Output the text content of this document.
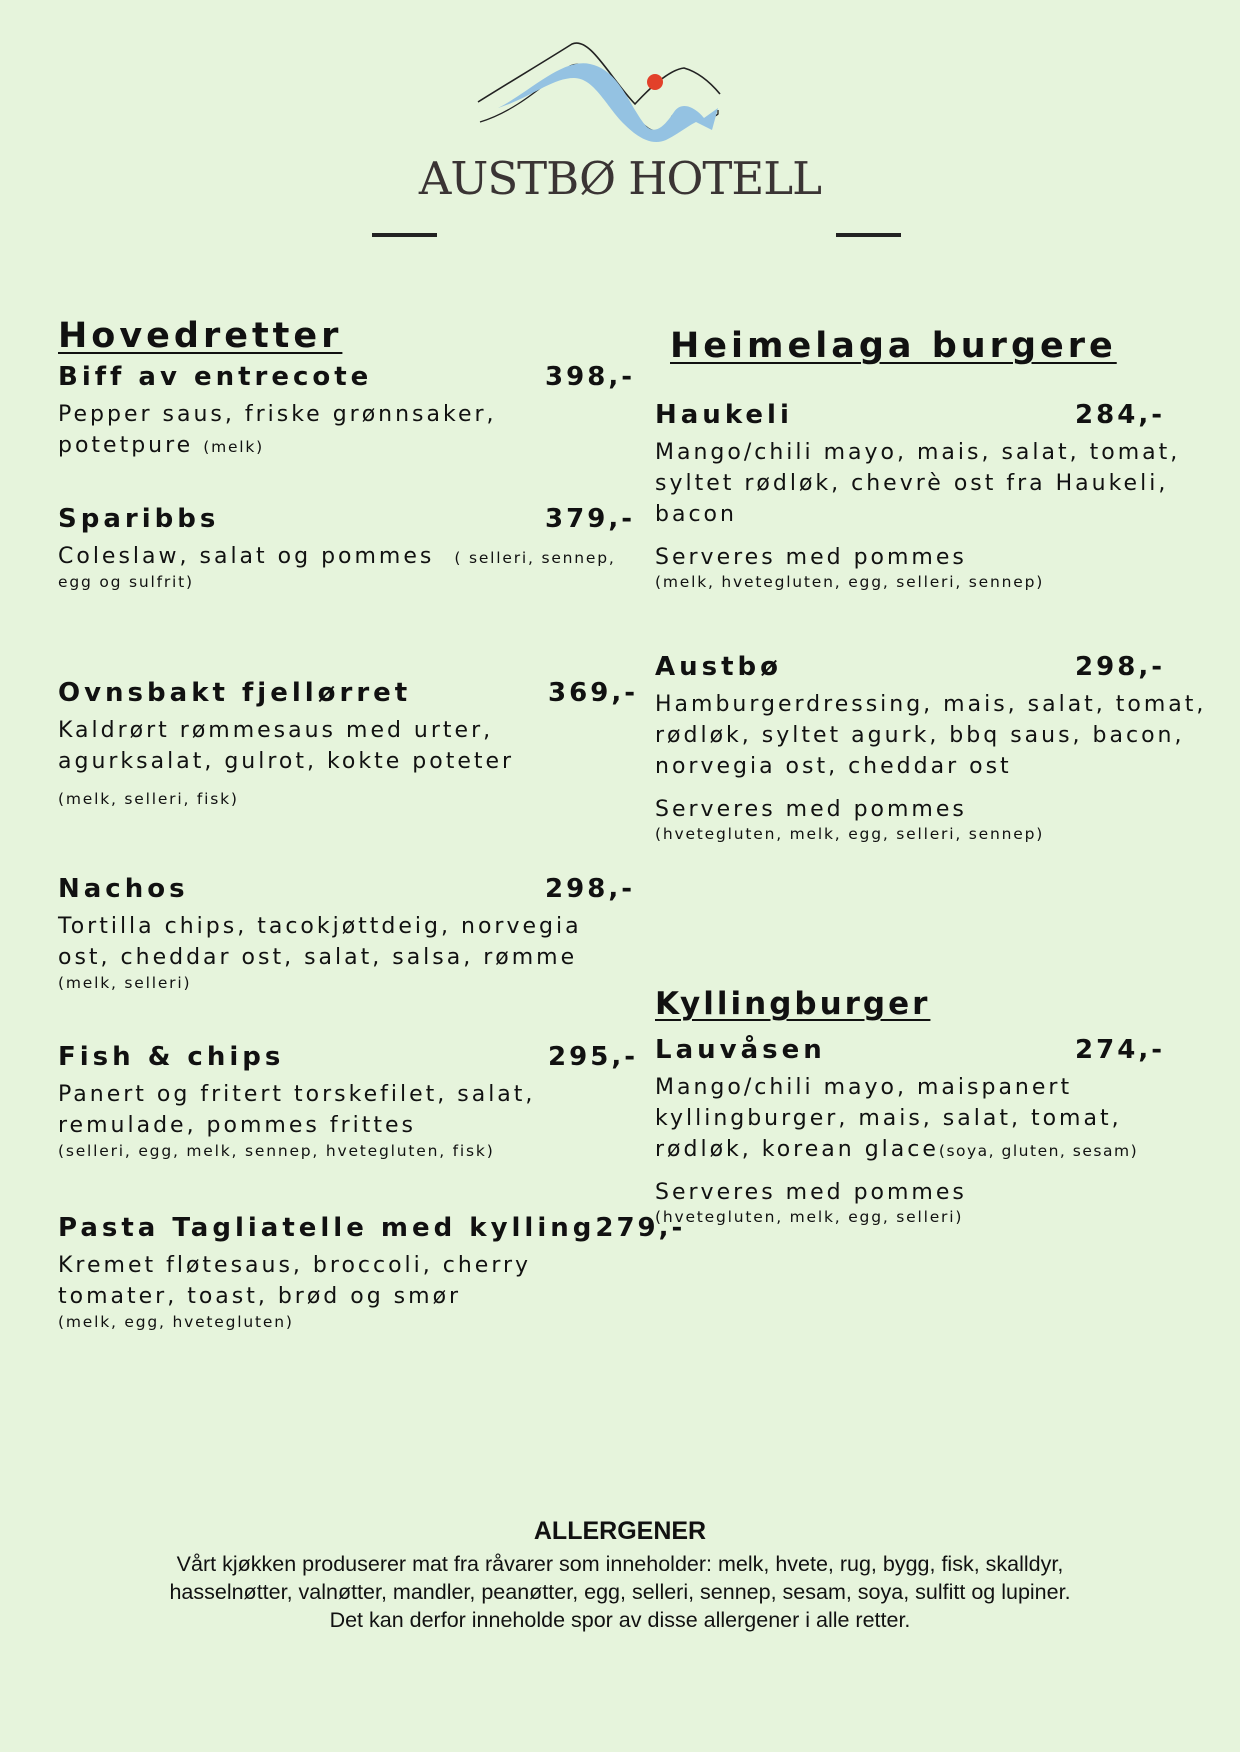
AUSTBØ HOTELL
Hovedretter
Biff av entrecote	398,-
Pepper saus, friske grønnsaker,
potetpure (melk)
Sparibbs	379,-
Coleslaw, salat og pommes ( selleri, sennep,
egg og sulfrit)
Ovnsbakt fjellørret	369,-
Kaldrørt rømmesaus med urter,
agurksalat, gulrot, kokte poteter
(melk, selleri, fisk)
Nachos	298,-
Tortilla chips, tacokjøttdeig, norvegia
ost, cheddar ost, salat, salsa, rømme
(melk, selleri)
Fish & chips	295,-
Panert og fritert torskefilet, salat,
remulade, pommes frittes
(selleri, egg, melk, sennep, hvetegluten, fisk)
Pasta Tagliatelle med kylling 279,-
Kremet fløtesaus, broccoli, cherry
tomater, toast, brød og smør
(melk, egg, hvetegluten)
Heimelaga burgere
Haukeli	284,-
Mango/chili mayo, mais, salat, tomat,
syltet rødløk, chevrè ost fra Haukeli,
bacon
Serveres med pommes
(melk, hvetegluten, egg, selleri, sennep)
Austbø	298,-
Hamburgerdressing, mais, salat, tomat,
rødløk, syltet agurk, bbq saus, bacon,
norvegia ost, cheddar ost
Serveres med pommes
(hvetegluten, melk, egg, selleri, sennep)
Kyllingburger
Lauvåsen	274,-
Mango/chili mayo, maispanert
kyllingburger, mais, salat, tomat,
rødløk, korean glace(soya, gluten, sesam)
Serveres med pommes
(hvetegluten, melk, egg, selleri)
ALLERGENER
Vårt kjøkken produserer mat fra råvarer som inneholder: melk, hvete, rug, bygg, fisk, skalldyr,
hasselnøtter, valnøtter, mandler, peanøtter, egg, selleri, sennep, sesam, soya, sulfitt og lupiner.
Det kan derfor inneholde spor av disse allergener i alle retter.
